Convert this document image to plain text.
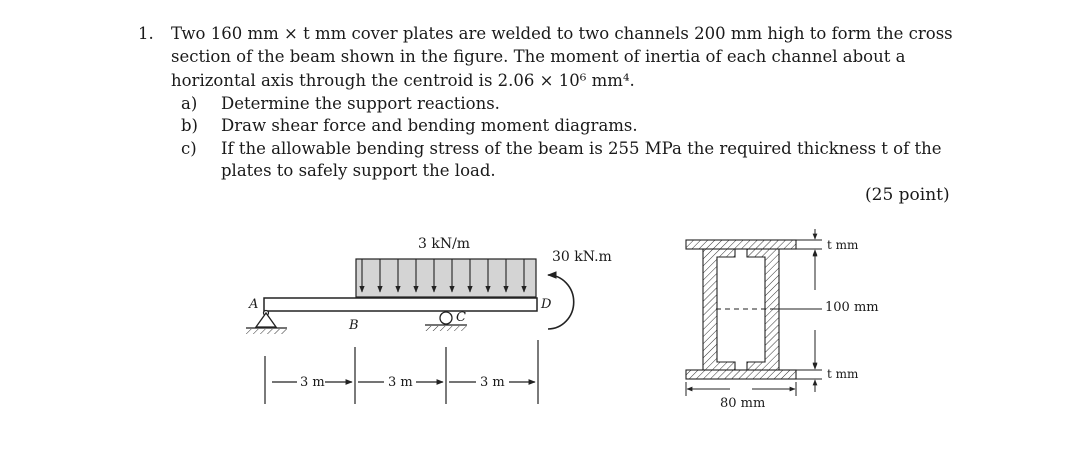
1. Two 160 mm × t mm cover plates are welded to two channels 200 mm high to form the cross
section of the beam shown in the figure. The moment of inertia of each channel about a
horizontal axis through the centroid is 2.06 × 10⁶ mm⁴.
a) Determine the support reactions.
b) Draw shear force and bending moment diagrams.
c) If the allowable bending stress of the beam is 255 MPa the required thickness t of the
plates to safely support the load.
(25 point)
3 kN/m
30 kN.m
A
B
C
D
3 m	3 m	3 m
t mm
100 mm
t mm
80 mm
